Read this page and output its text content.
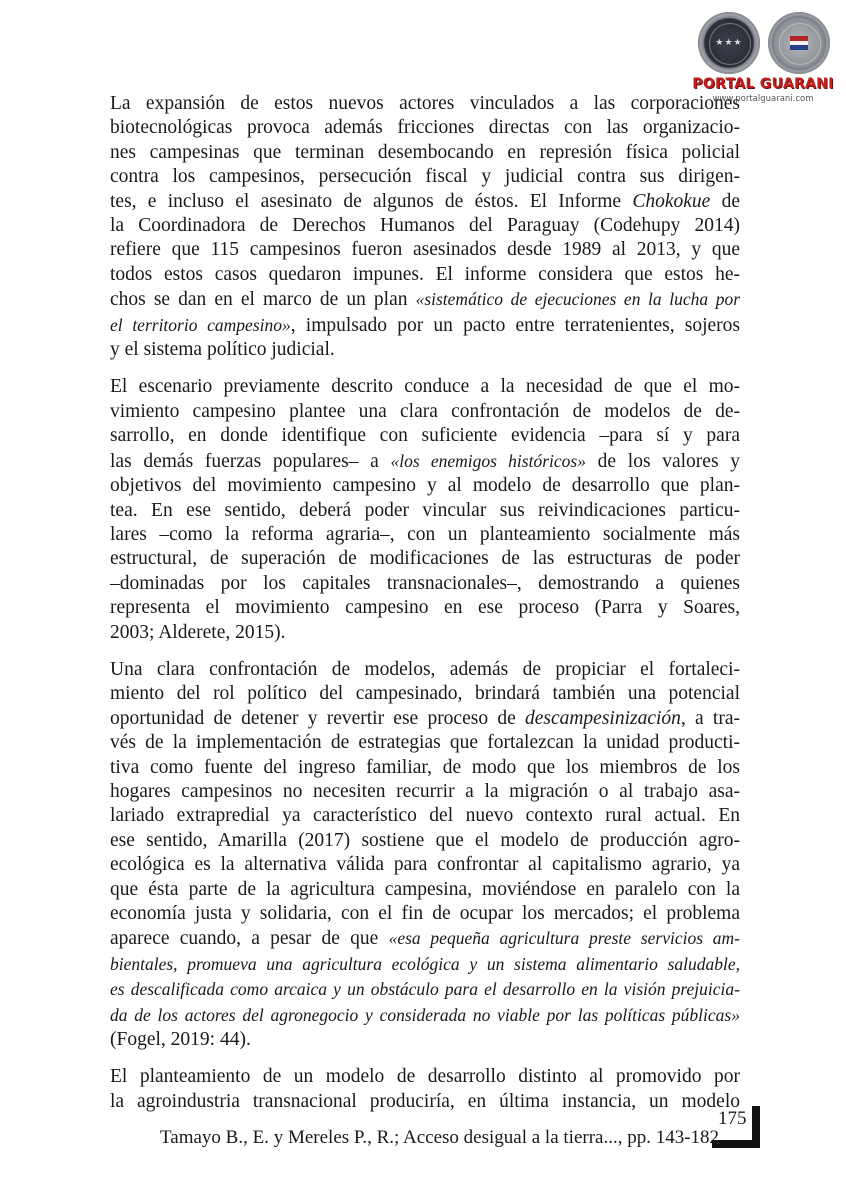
★★★
PORTAL GUARANI
www.portalguarani.com

La expansión de estos nuevos actores vinculados a las corporaciones
biotecnológicas provoca además fricciones directas con las organizacio-
nes campesinas que terminan desembocando en represión física policial
contra los campesinos, persecución fiscal y judicial contra sus dirigen-
tes, e incluso el asesinato de algunos de éstos. El Informe Chokokue de
la Coordinadora de Derechos Humanos del Paraguay (Codehupy 2014)
refiere que 115 campesinos fueron asesinados desde 1989 al 2013, y que
todos estos casos quedaron impunes. El informe considera que estos he-
chos se dan en el marco de un plan «sistemático de ejecuciones en la lucha por
el territorio campesino», impulsado por un pacto entre terratenientes, sojeros
y el sistema político judicial.

El escenario previamente descrito conduce a la necesidad de que el mo-
vimiento campesino plantee una clara confrontación de modelos de de-
sarrollo, en donde identifique con suficiente evidencia –para sí y para
las demás fuerzas populares– a «los enemigos históricos» de los valores y
objetivos del movimiento campesino y al modelo de desarrollo que plan-
tea. En ese sentido, deberá poder vincular sus reivindicaciones particu-
lares –como la reforma agraria–, con un planteamiento socialmente más
estructural, de superación de modificaciones de las estructuras de poder
–dominadas por los capitales transnacionales–, demostrando a quienes
representa el movimiento campesino en ese proceso (Parra y Soares,
2003; Alderete, 2015).

Una clara confrontación de modelos, además de propiciar el fortaleci-
miento del rol político del campesinado, brindará también una potencial
oportunidad de detener y revertir ese proceso de descampesinización, a tra-
vés de la implementación de estrategias que fortalezcan la unidad producti-
tiva como fuente del ingreso familiar, de modo que los miembros de los
hogares campesinos no necesiten recurrir a la migración o al trabajo asa-
lariado extrapredial ya característico del nuevo contexto rural actual. En
ese sentido, Amarilla (2017) sostiene que el modelo de producción agro-
ecológica es la alternativa válida para confrontar al capitalismo agrario, ya
que ésta parte de la agricultura campesina, moviéndose en paralelo con la
economía justa y solidaria, con el fin de ocupar los mercados; el problema
aparece cuando, a pesar de que «esa pequeña agricultura preste servicios am-
bientales, promueva una agricultura ecológica y un sistema alimentario saludable,
es descalificada como arcaica y un obstáculo para el desarrollo en la visión prejuicia-
da de los actores del agronegocio y considerada no viable por las políticas públicas»
(Fogel, 2019: 44).

El planteamiento de un modelo de desarrollo distinto al promovido por
la agroindustria transnacional produciría, en última instancia, un modelo

175
Tamayo B., E. y Mereles P., R.; Acceso desigual a la tierra..., pp. 143-182.
